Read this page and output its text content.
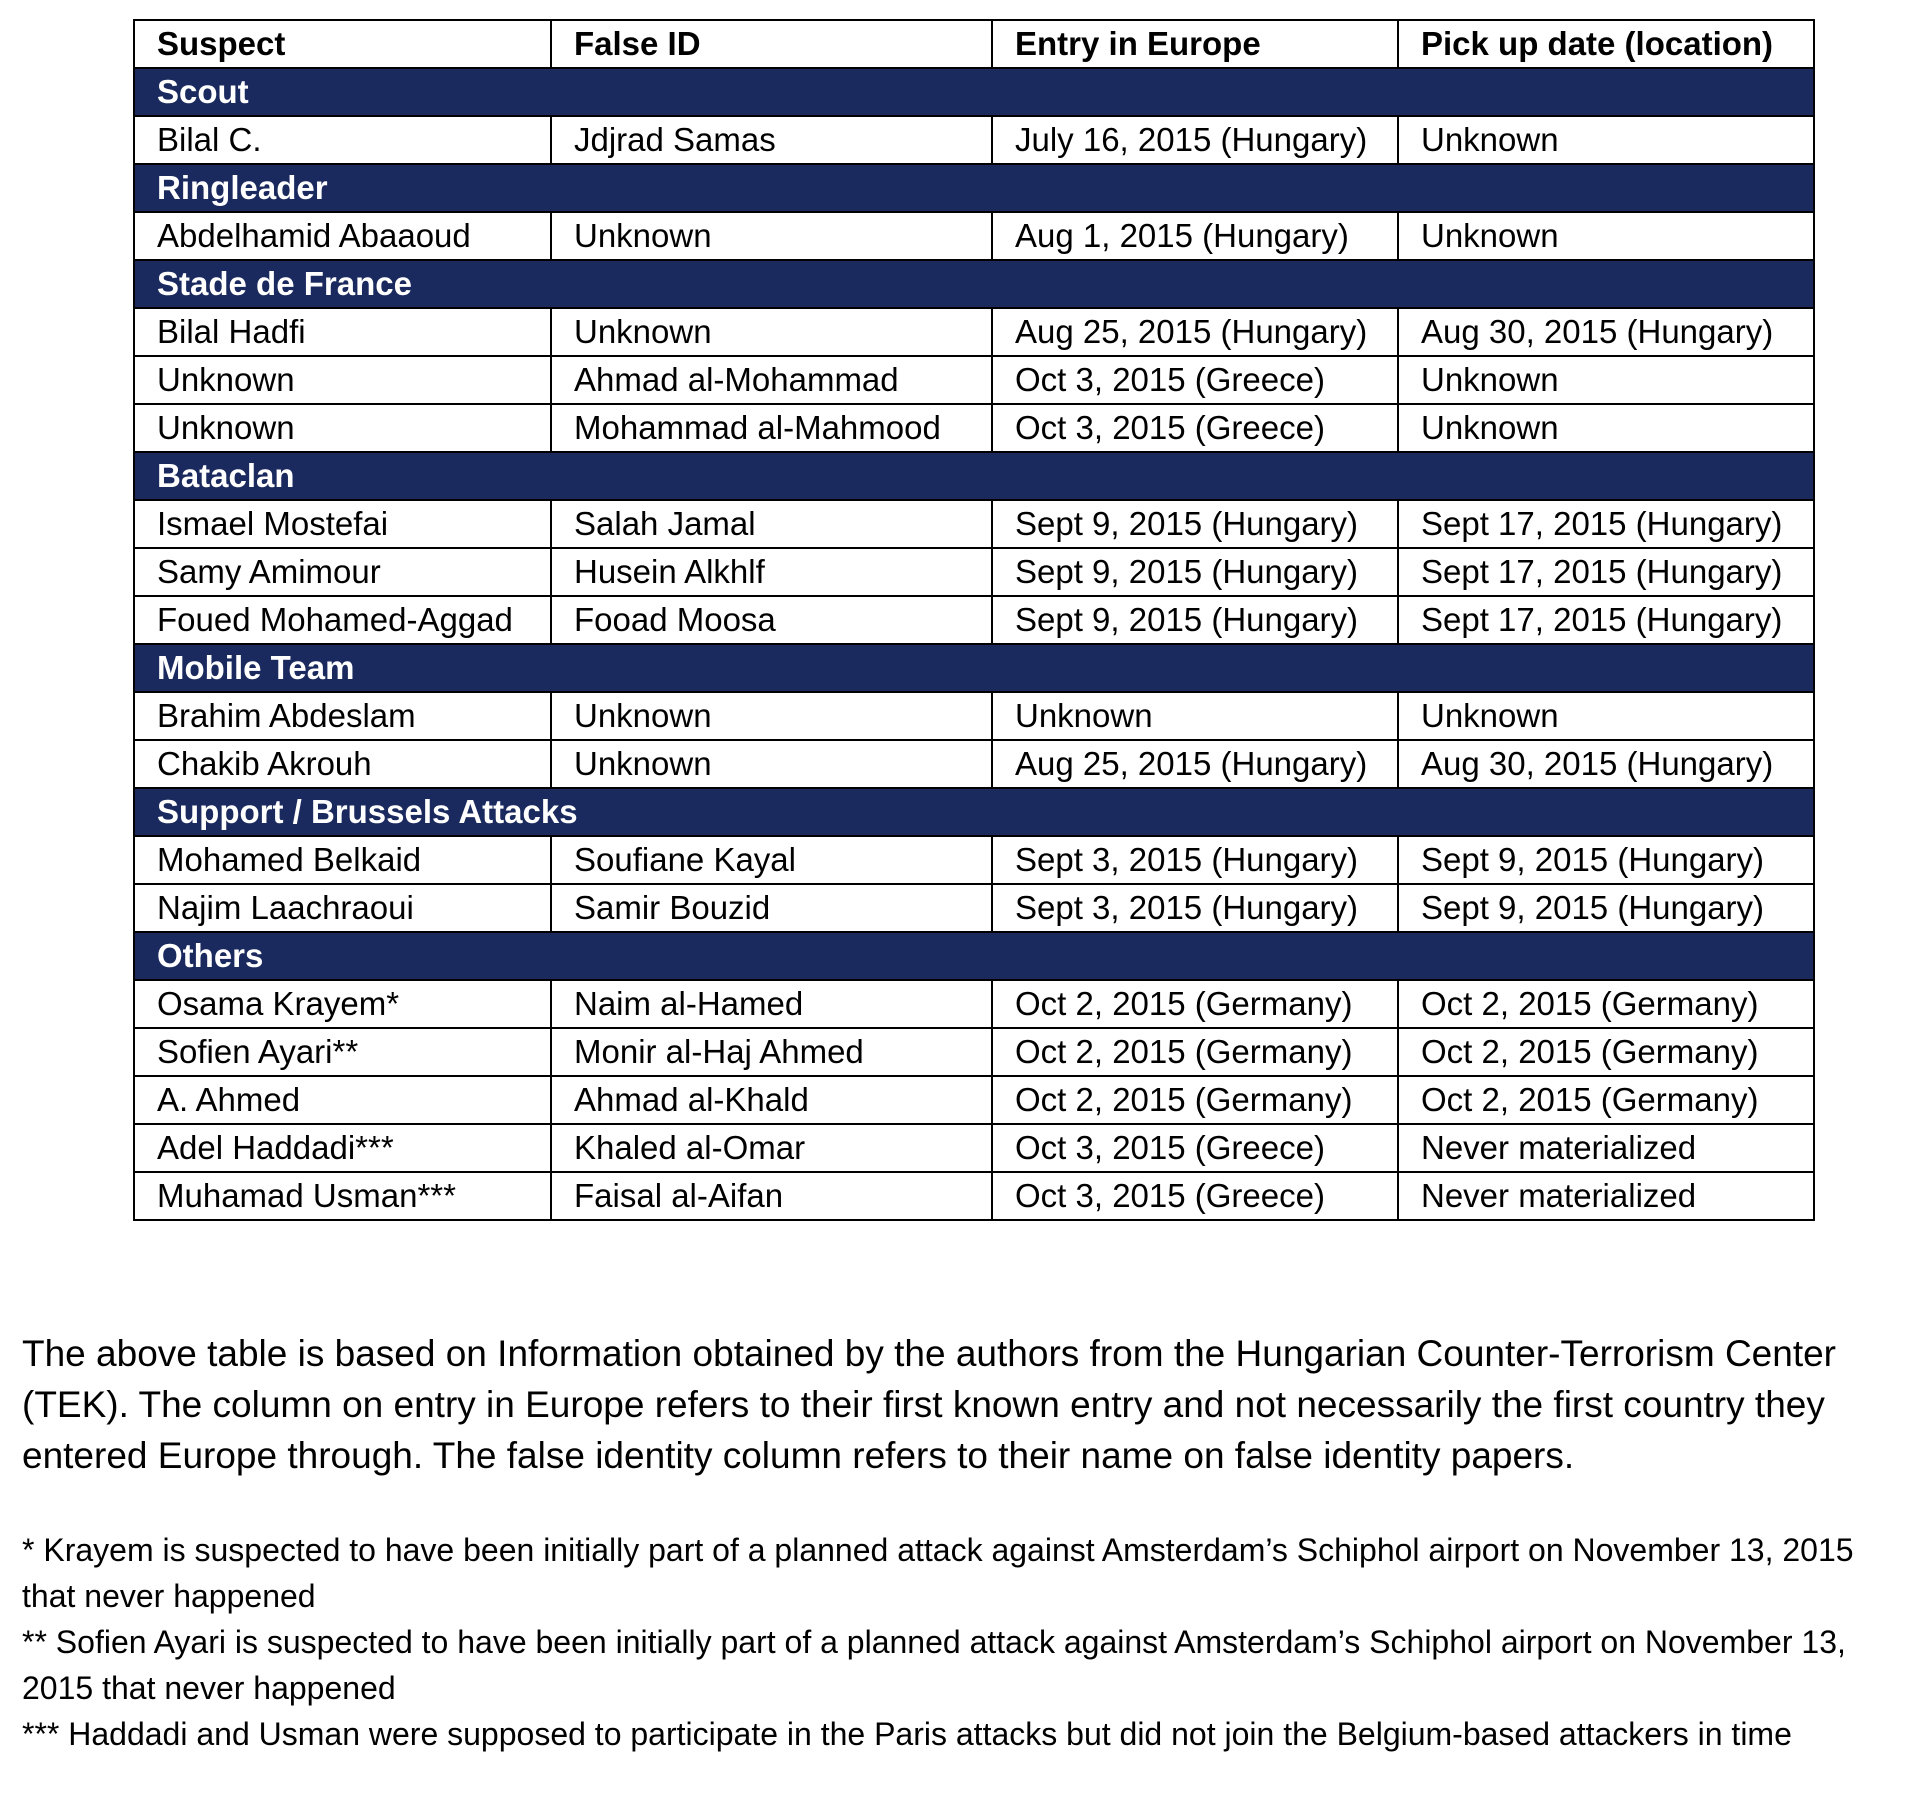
Suspect	False ID	Entry in Europe	Pick up date (location)
Scout			
Bilal C.	Jdjrad Samas	July 16, 2015 (Hungary)	Unknown
Ringleader			
Abdelhamid Abaaoud	Unknown	Aug 1, 2015 (Hungary)	Unknown
Stade de France			
Bilal Hadfi	Unknown	Aug 25, 2015 (Hungary)	Aug 30, 2015 (Hungary)
Unknown	Ahmad al-Mohammad	Oct 3, 2015 (Greece)	Unknown
Unknown	Mohammad al-Mahmood	Oct 3, 2015 (Greece)	Unknown
Bataclan			
Ismael Mostefai	Salah Jamal	Sept 9, 2015 (Hungary)	Sept 17, 2015 (Hungary)
Samy Amimour	Husein Alkhlf	Sept 9, 2015 (Hungary)	Sept 17, 2015 (Hungary)
Foued Mohamed-Aggad	Fooad Moosa	Sept 9, 2015 (Hungary)	Sept 17, 2015 (Hungary)
Mobile Team			
Brahim Abdeslam	Unknown	Unknown	Unknown
Chakib Akrouh	Unknown	Aug 25, 2015 (Hungary)	Aug 30, 2015 (Hungary)
Support / Brussels Attacks			
Mohamed Belkaid	Soufiane Kayal	Sept 3, 2015 (Hungary)	Sept 9, 2015 (Hungary)
Najim Laachraoui	Samir Bouzid	Sept 3, 2015 (Hungary)	Sept 9, 2015 (Hungary)
Others			
Osama Krayem*	Naim al-Hamed	Oct 2, 2015 (Germany)	Oct 2, 2015 (Germany)
Sofien Ayari**	Monir al-Haj Ahmed	Oct 2, 2015 (Germany)	Oct 2, 2015 (Germany)
A. Ahmed	Ahmad al-Khald	Oct 2, 2015 (Germany)	Oct 2, 2015 (Germany)
Adel Haddadi***	Khaled al-Omar	Oct 3, 2015 (Greece)	Never materialized
Muhamad Usman***	Faisal al-Aifan	Oct 3, 2015 (Greece)	Never materialized

The above table is based on Information obtained by the authors from the Hungarian Counter-Terrorism Center (TEK). The column on entry in Europe refers to their first known entry and not necessarily the first country they entered Europe through. The false identity column refers to their name on false identity papers.

* Krayem is suspected to have been initially part of a planned attack against Amsterdam’s Schiphol airport on November 13, 2015 that never happened

** Sofien Ayari is suspected to have been initially part of a planned attack against Amsterdam’s Schiphol airport on November 13, 2015 that never happened

*** Haddadi and Usman were supposed to participate in the Paris attacks but did not join the Belgium-based attackers in time
